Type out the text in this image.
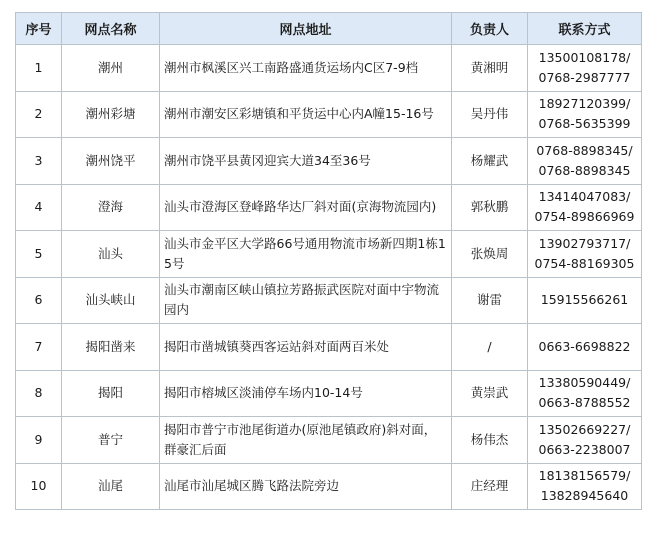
序号	网点名称	网点地址	负责人	联系方式
1	潮州	潮州市枫溪区兴工南路盛通货运场内C区7-9档	黄湘明	13500108178/
0768-2987777

2	潮州彩塘	潮州市潮安区彩塘镇和平货运中心内A幢15-16号	吴丹伟	18927120399/
0768-5635399

3	潮州饶平	潮州市饶平县黄冈迎宾大道34至36号	杨耀武	0768-8898345/
0768-8898345

4	澄海	汕头市澄海区登峰路华达厂斜对面(京海物流园内)	郭秋鹏	13414047083/
0754-89866969

5	汕头	汕头市金平区大学路66号通用物流市场新四期1栋15号	张焕周	13902793717/
0754-88169305

6	汕头峡山	汕头市潮南区峡山镇拉芳路振武医院对面中宇物流园内	谢雷	15915566261

7	揭阳凿来	揭阳市凿城镇葵西客运站斜对面两百米处	/	0663-6698822

8	揭阳	揭阳市榕城区淡浦停车场内10-14号	黄崇武	13380590449/
0663-8788552

9	普宁	揭阳市普宁市池尾街道办(原池尾镇政府)斜对面，群豪汇后面	杨伟杰	13502669227/
0663-2238007

10	汕尾	汕尾市汕尾城区腾飞路法院旁边	庄经理	18138156579/
13828945640
